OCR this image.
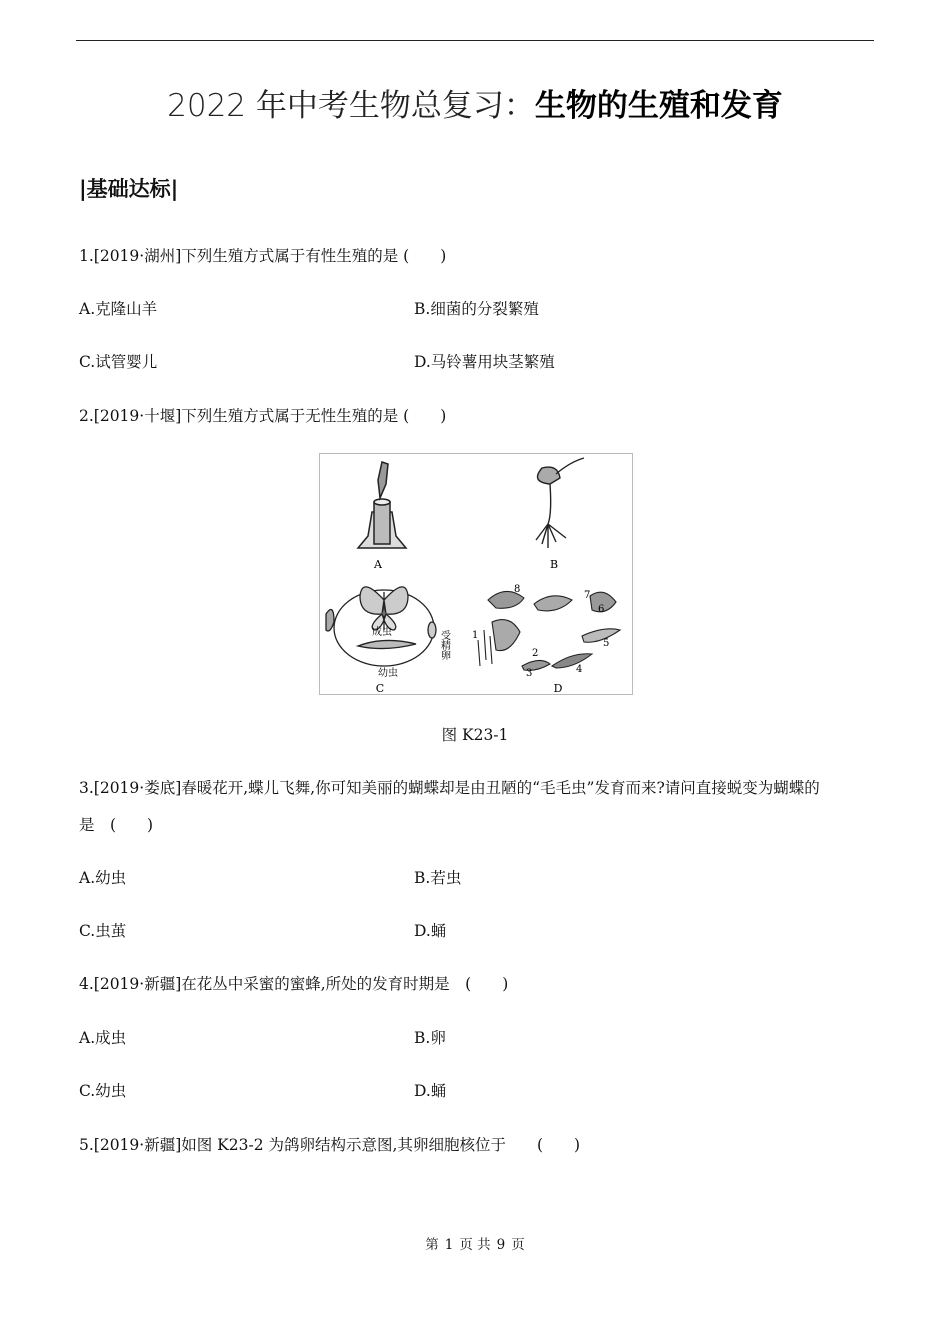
2022 年中考生物总复习：生物的生殖和发育
|基础达标|
1.[2019·湖州]下列生殖方式属于有性生殖的是 (　　)
A.克隆山羊	B.细菌的分裂繁殖
C.试管婴儿	D.马铃薯用块茎繁殖
2.[2019·十堰]下列生殖方式属于无性生殖的是 (　　)
A	B
成虫	受精卵
幼虫
C
8
7
6
5
4
3
2
1
D
图 K23-1
3.[2019·娄底]春暖花开,蝶儿飞舞,你可知美丽的蝴蝶却是由丑陋的“毛毛虫”发育而来?请问直接蜕变为蝴蝶的
是　(　　)
A.幼虫	B.若虫
C.虫茧	D.蛹
4.[2019·新疆]在花丛中采蜜的蜜蜂,所处的发育时期是　(　　)
A.成虫	B.卵
C.幼虫	D.蛹
5.[2019·新疆]如图 K23-2 为鸽卵结构示意图,其卵细胞核位于　　(　　)
第 1 页 共 9 页
